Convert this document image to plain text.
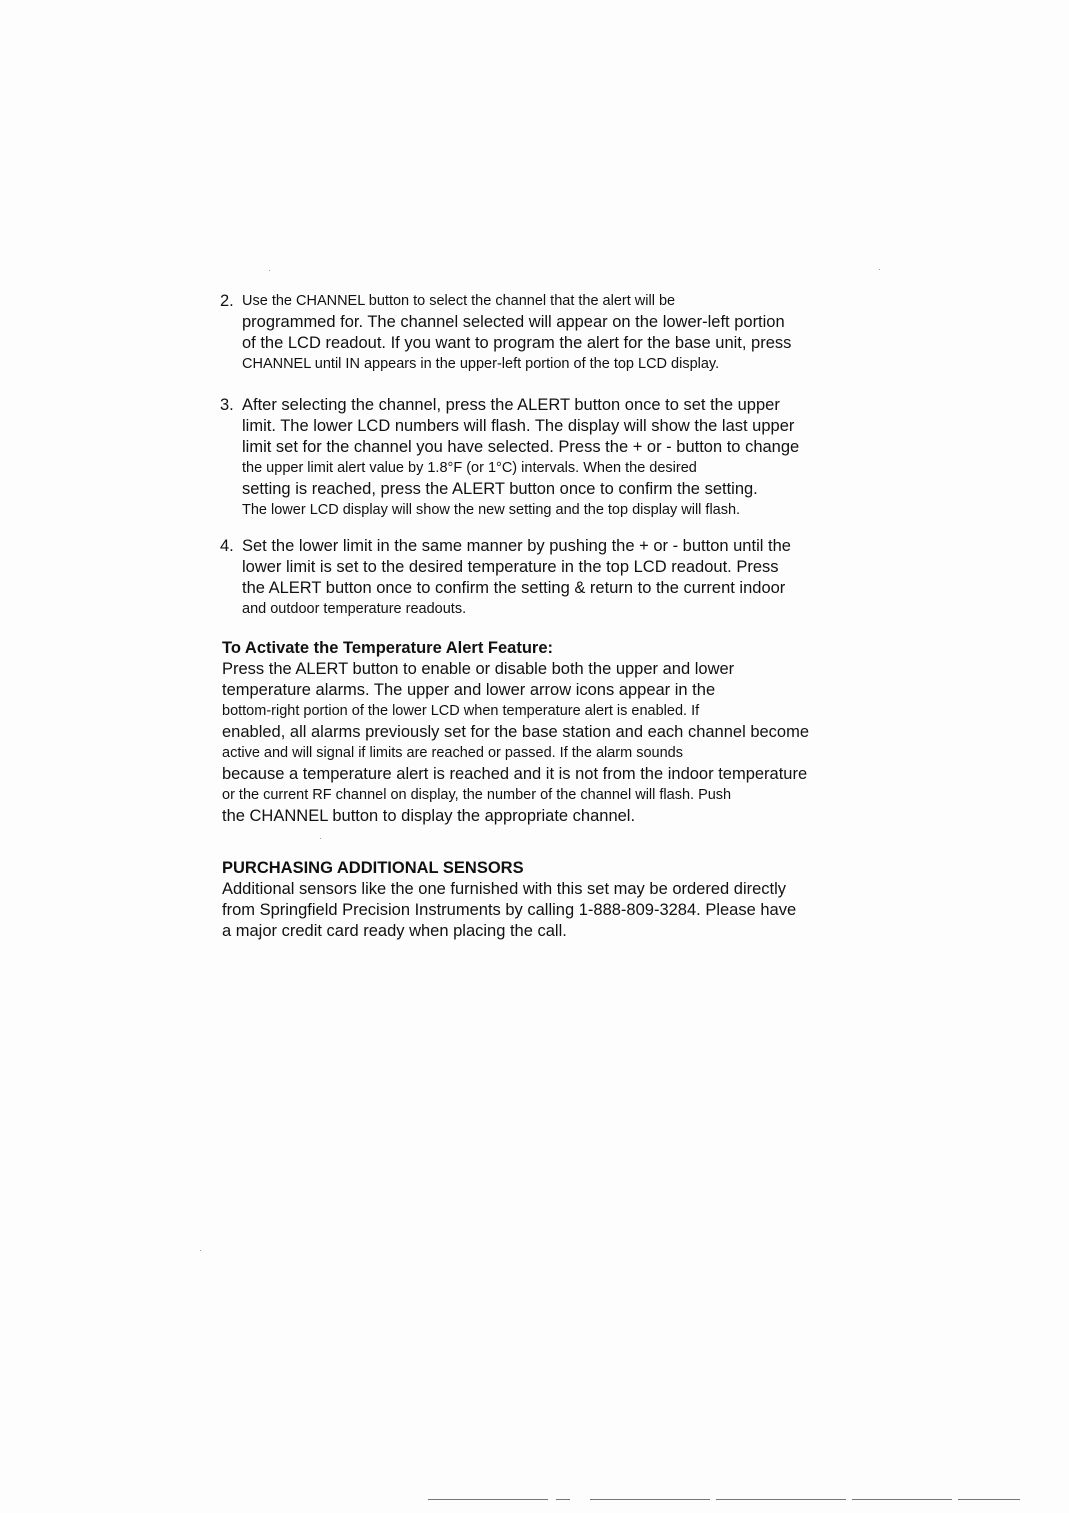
2. Use the CHANNEL button to select the channel that the alert will be
programmed for. The channel selected will appear on the lower-left portion
of the LCD readout. If you want to program the alert for the base unit, press
CHANNEL until IN appears in the upper-left portion of the top LCD display.
3. After selecting the channel, press the ALERT button once to set the upper
limit. The lower LCD numbers will flash. The display will show the last upper
limit set for the channel you have selected. Press the + or - button to change
the upper limit alert value by 1.8°F (or 1°C) intervals. When the desired
setting is reached, press the ALERT button once to confirm the setting.
The lower LCD display will show the new setting and the top display will flash.
4. Set the lower limit in the same manner by pushing the + or - button until the
lower limit is set to the desired temperature in the top LCD readout. Press
the ALERT button once to confirm the setting & return to the current indoor
and outdoor temperature readouts.
To Activate the Temperature Alert Feature:
Press the ALERT button to enable or disable both the upper and lower
temperature alarms. The upper and lower arrow icons appear in the
bottom-right portion of the lower LCD when temperature alert is enabled. If
enabled, all alarms previously set for the base station and each channel become
active and will signal if limits are reached or passed. If the alarm sounds
because a temperature alert is reached and it is not from the indoor temperature
or the current RF channel on display, the number of the channel will flash. Push
the CHANNEL button to display the appropriate channel.
PURCHASING ADDITIONAL SENSORS
Additional sensors like the one furnished with this set may be ordered directly
from Springfield Precision Instruments by calling 1-888-809-3284. Please have
a major credit card ready when placing the call.
